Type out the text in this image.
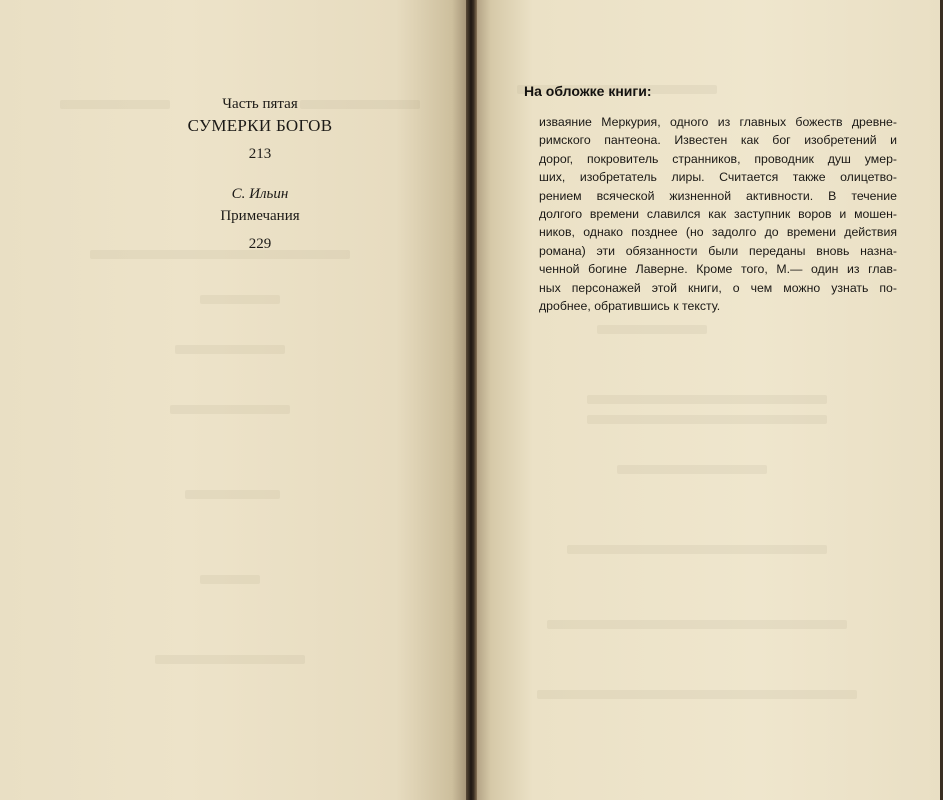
Часть пятая
СУМЕРКИ БОГОВ
213
С. Ильин
Примечания
229
На обложке книги:
изваяние Меркурия, одного из главных божеств древне-
римского пантеона. Известен как бог изобретений и
дорог, покровитель странников, проводник душ умер-
ших, изобретатель лиры. Считается также олицетво-
рением всяческой жизненной активности. В течение
долгого времени славился как заступник воров и мошен-
ников, однако позднее (но задолго до времени действия
романа) эти обязанности были переданы вновь назна-
ченной богине Лаверне. Кроме того, М.— один из глав-
ных персонажей этой книги, о чем можно узнать по-
дробнее, обратившись к тексту.
